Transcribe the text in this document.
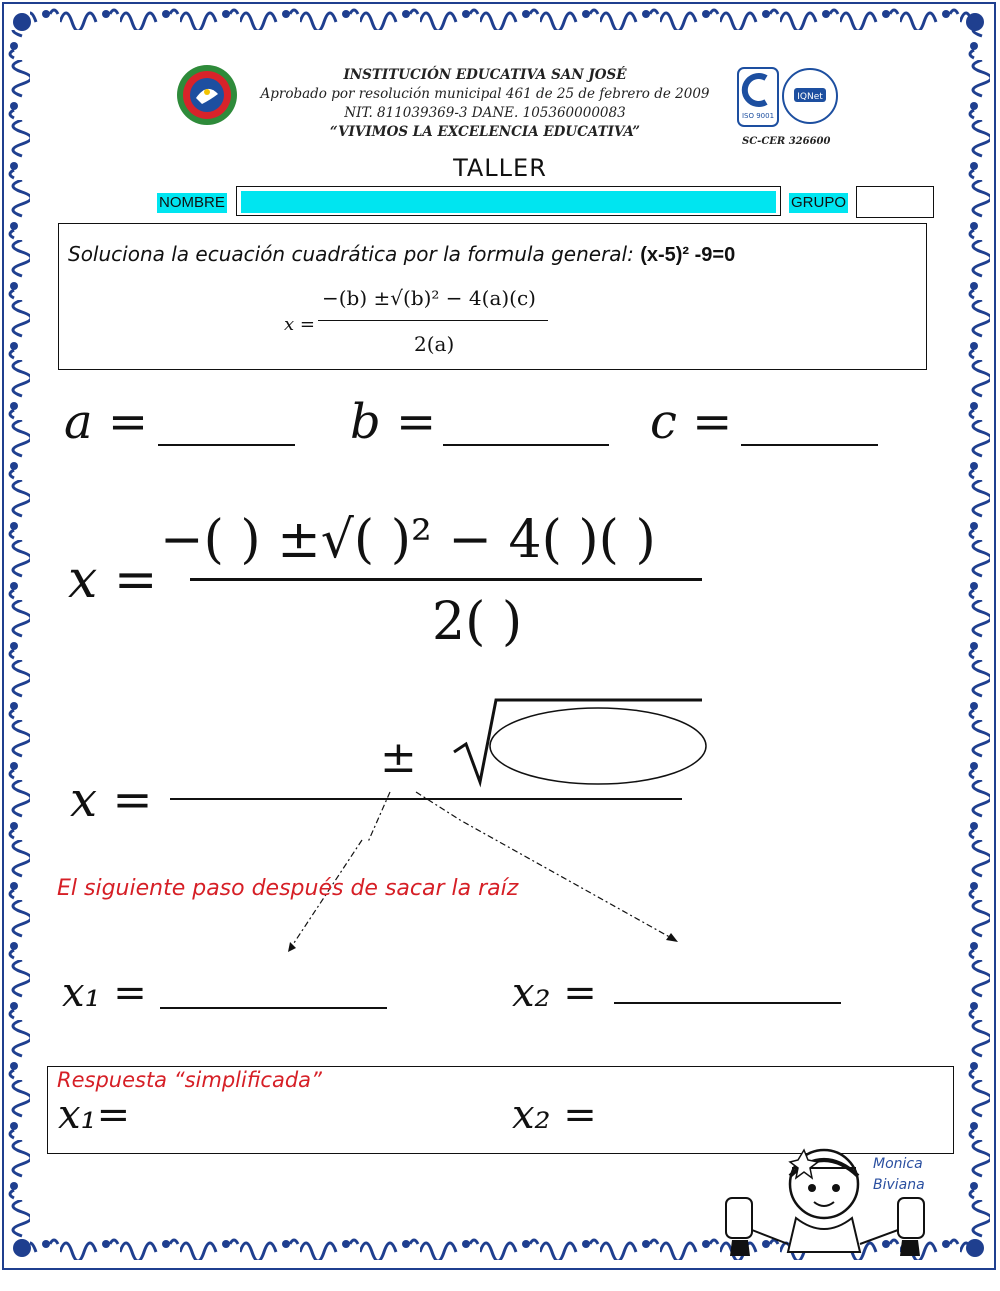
INSTITUCIÓN EDUCATIVA SAN JOSÉ
Aprobado por resolución municipal 461 de 25 de febrero de 2009
NIT. 811039369-3 DANE. 105360000083
“VIVIMOS LA EXCELENCIA EDUCATIVA”
ISO 9001
IQNet
SC-CER 326600
TALLER
NOMBRE	GRUPO
Soluciona la ecuación cuadrática por la formula general: (x-5)² -9=0
x =
−(b) ±√(b)² − 4(a)(c)
2(a)
a =	b =	c =
x =
−( ) ±√( )² − 4( )( )
2( )
x =
±
El siguiente paso después de sacar la raíz
x₁ =	x₂ =
Respuesta “simplificada”
x₁=	x₂ =
Monica
Biviana
